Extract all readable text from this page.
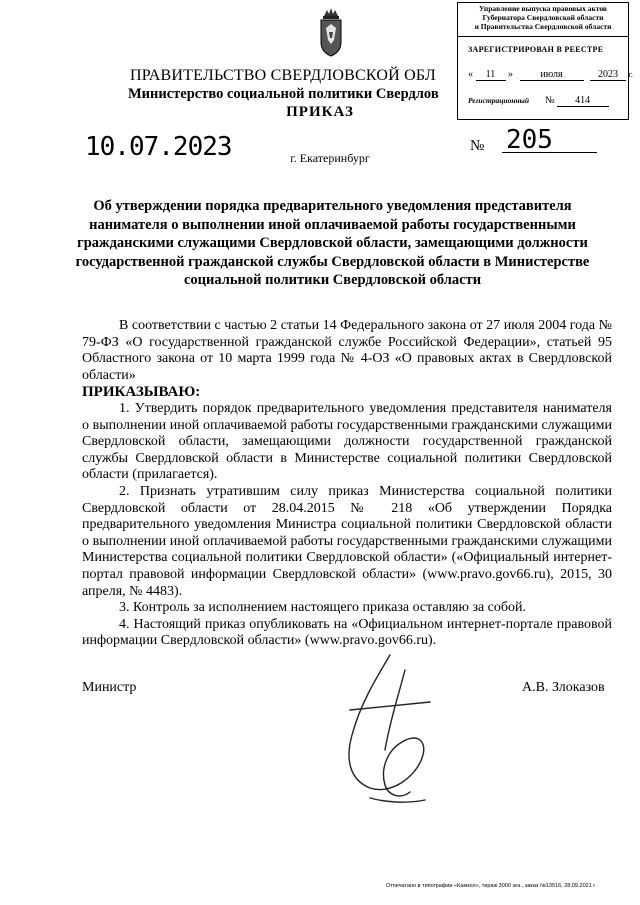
Управление выпуска правовых актов
Губернатора Свердловской области
и Правительства Свердловской области
ЗАРЕГИСТРИРОВАН В РЕЕСТРЕ
« 11 »	июля	2023 г.
Регистрационный № 414
ПРАВИТЕЛЬСТВО СВЕРДЛОВСКОЙ ОБЛ
Министерство социальной политики Свердлов
ПРИКАЗ
10.07.2023	№ 205
г. Екатеринбург
Об утверждении порядка предварительного уведомления представителя нанимателя о выполнении иной оплачиваемой работы государственными гражданскими служащими Свердловской области, замещающими должности государственной гражданской службы Свердловской области в Министерстве социальной политики Свердловской области

В соответствии с частью 2 статьи 14 Федерального закона от 27 июля 2004 года № 79-ФЗ «О государственной гражданской службе Российской Федерации», статьей 95 Областного закона от 10 марта 1999 года № 4-ОЗ «О правовых актах в Свердловской области»

ПРИКАЗЫВАЮ:

1. Утвердить порядок предварительного уведомления представителя нанимателя о выполнении иной оплачиваемой работы государственными гражданскими служащими Свердловской области, замещающими должности государственной гражданской службы Свердловской области в Министерстве социальной политики Свердловской области (прилагается).

2. Признать утратившим силу приказ Министерства социальной политики Свердловской области от 28.04.2015 № 218 «Об утверждении Порядка предварительного уведомления Министра социальной политики Свердловской области о выполнении иной оплачиваемой работы государственными гражданскими служащими Министерства социальной политики Свердловской области» («Официальный интернет-портал правовой информации Свердловской области» (www.pravo.gov66.ru), 2015, 30 апреля, № 4483).

3. Контроль за исполнением настоящего приказа оставляю за собой.

4. Настоящий приказ опубликовать на «Официальном интернет-портале правовой информации Свердловской области» (www.pravo.gov66.ru).

Министр	А.В. Злоказов
Отпечатано в типографии «Камзол», тираж 3000 экз., заказ №13516, 28.09.2021 г.
